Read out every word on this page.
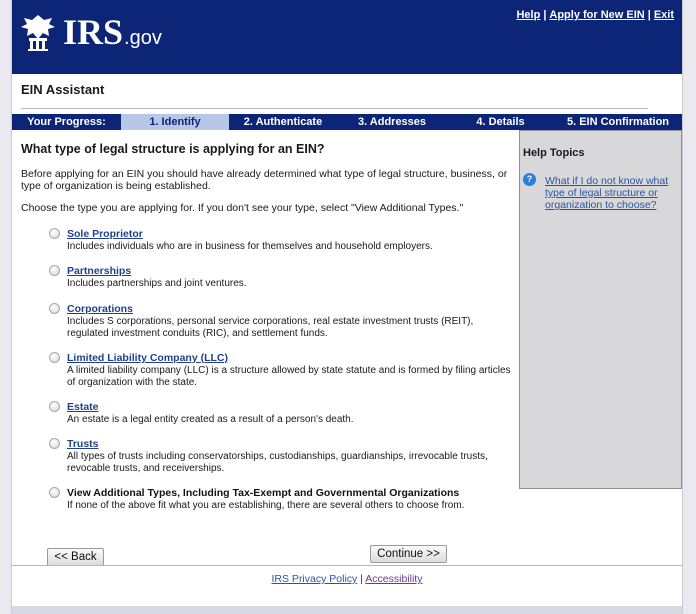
IRS .gov
Help | Apply for New EIN | Exit
EIN Assistant
Your Progress:	1. Identify	2. Authenticate	3. Addresses	4. Details	5. EIN Confirmation
What type of legal structure is applying for an EIN?
Before applying for an EIN you should have already determined what type of legal structure, business, or type of organization is being established.
Choose the type you are applying for. If you don't see your type, select "View Additional Types."
Sole Proprietor
Includes individuals who are in business for themselves and household employers.
Partnerships
Includes partnerships and joint ventures.
Corporations
Includes S corporations, personal service corporations, real estate investment trusts (REIT), regulated investment conduits (RIC), and settlement funds.
Limited Liability Company (LLC)
A limited liability company (LLC) is a structure allowed by state statute and is formed by filing articles of organization with the state.
Estate
An estate is a legal entity created as a result of a person's death.
Trusts
All types of trusts including conservatorships, custodianships, guardianships, irrevocable trusts, revocable trusts, and receiverships.
View Additional Types, Including Tax-Exempt and Governmental Organizations
If none of the above fit what you are establishing, there are several others to choose from.
Help Topics
?	What if I do not know what type of legal structure or organization to choose?
<< Back	Continue >>
IRS Privacy Policy | Accessibility
